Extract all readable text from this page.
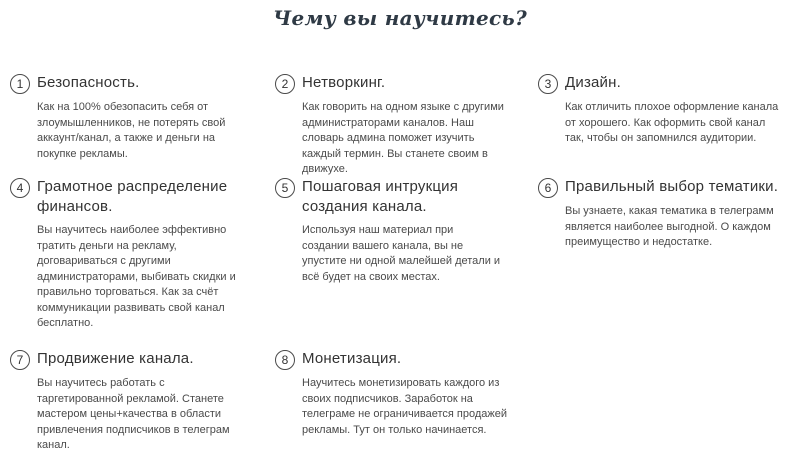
Чему вы научитесь?
1 Безопасность.

Как на 100% обезопасить себя от злоумышленников, не потерять свой аккаунт/канал, а также и деньги на покупке рекламы.

2 Нетворкинг.

Как говорить на одном языке с другими администраторами каналов. Наш словарь админа поможет изучить каждый термин. Вы станете своим в движухе.

3 Дизайн.

Как отличить плохое оформление канала от хорошего. Как оформить свой канал так, чтобы он запомнился аудитории.

4 Грамотное распределение финансов.

Вы научитесь наиболее эффективно тратить деньги на рекламу, договариваться с другими администраторами, выбивать скидки и правильно торговаться. Как за счёт коммуникации развивать свой канал бесплатно.

5 Пошаговая интрукция создания канала.

Используя наш материал при создании вашего канала, вы не упустите ни одной малейшей детали и всё будет на своих местах.

6 Правильный выбор тематики.

Вы узнаете, какая тематика в телеграмм является наиболее выгодной. О каждом преимущество и недостатке.

7 Продвижение канала.

Вы научитесь работать с таргетированной рекламой. Станете мастером цены+качества в области привлечения подписчиков в телеграм канал.

8 Монетизация.

Научитесь монетизировать каждого из своих подписчиков. Заработок на телеграме не ограничивается продажей рекламы. Тут он только начинается.
